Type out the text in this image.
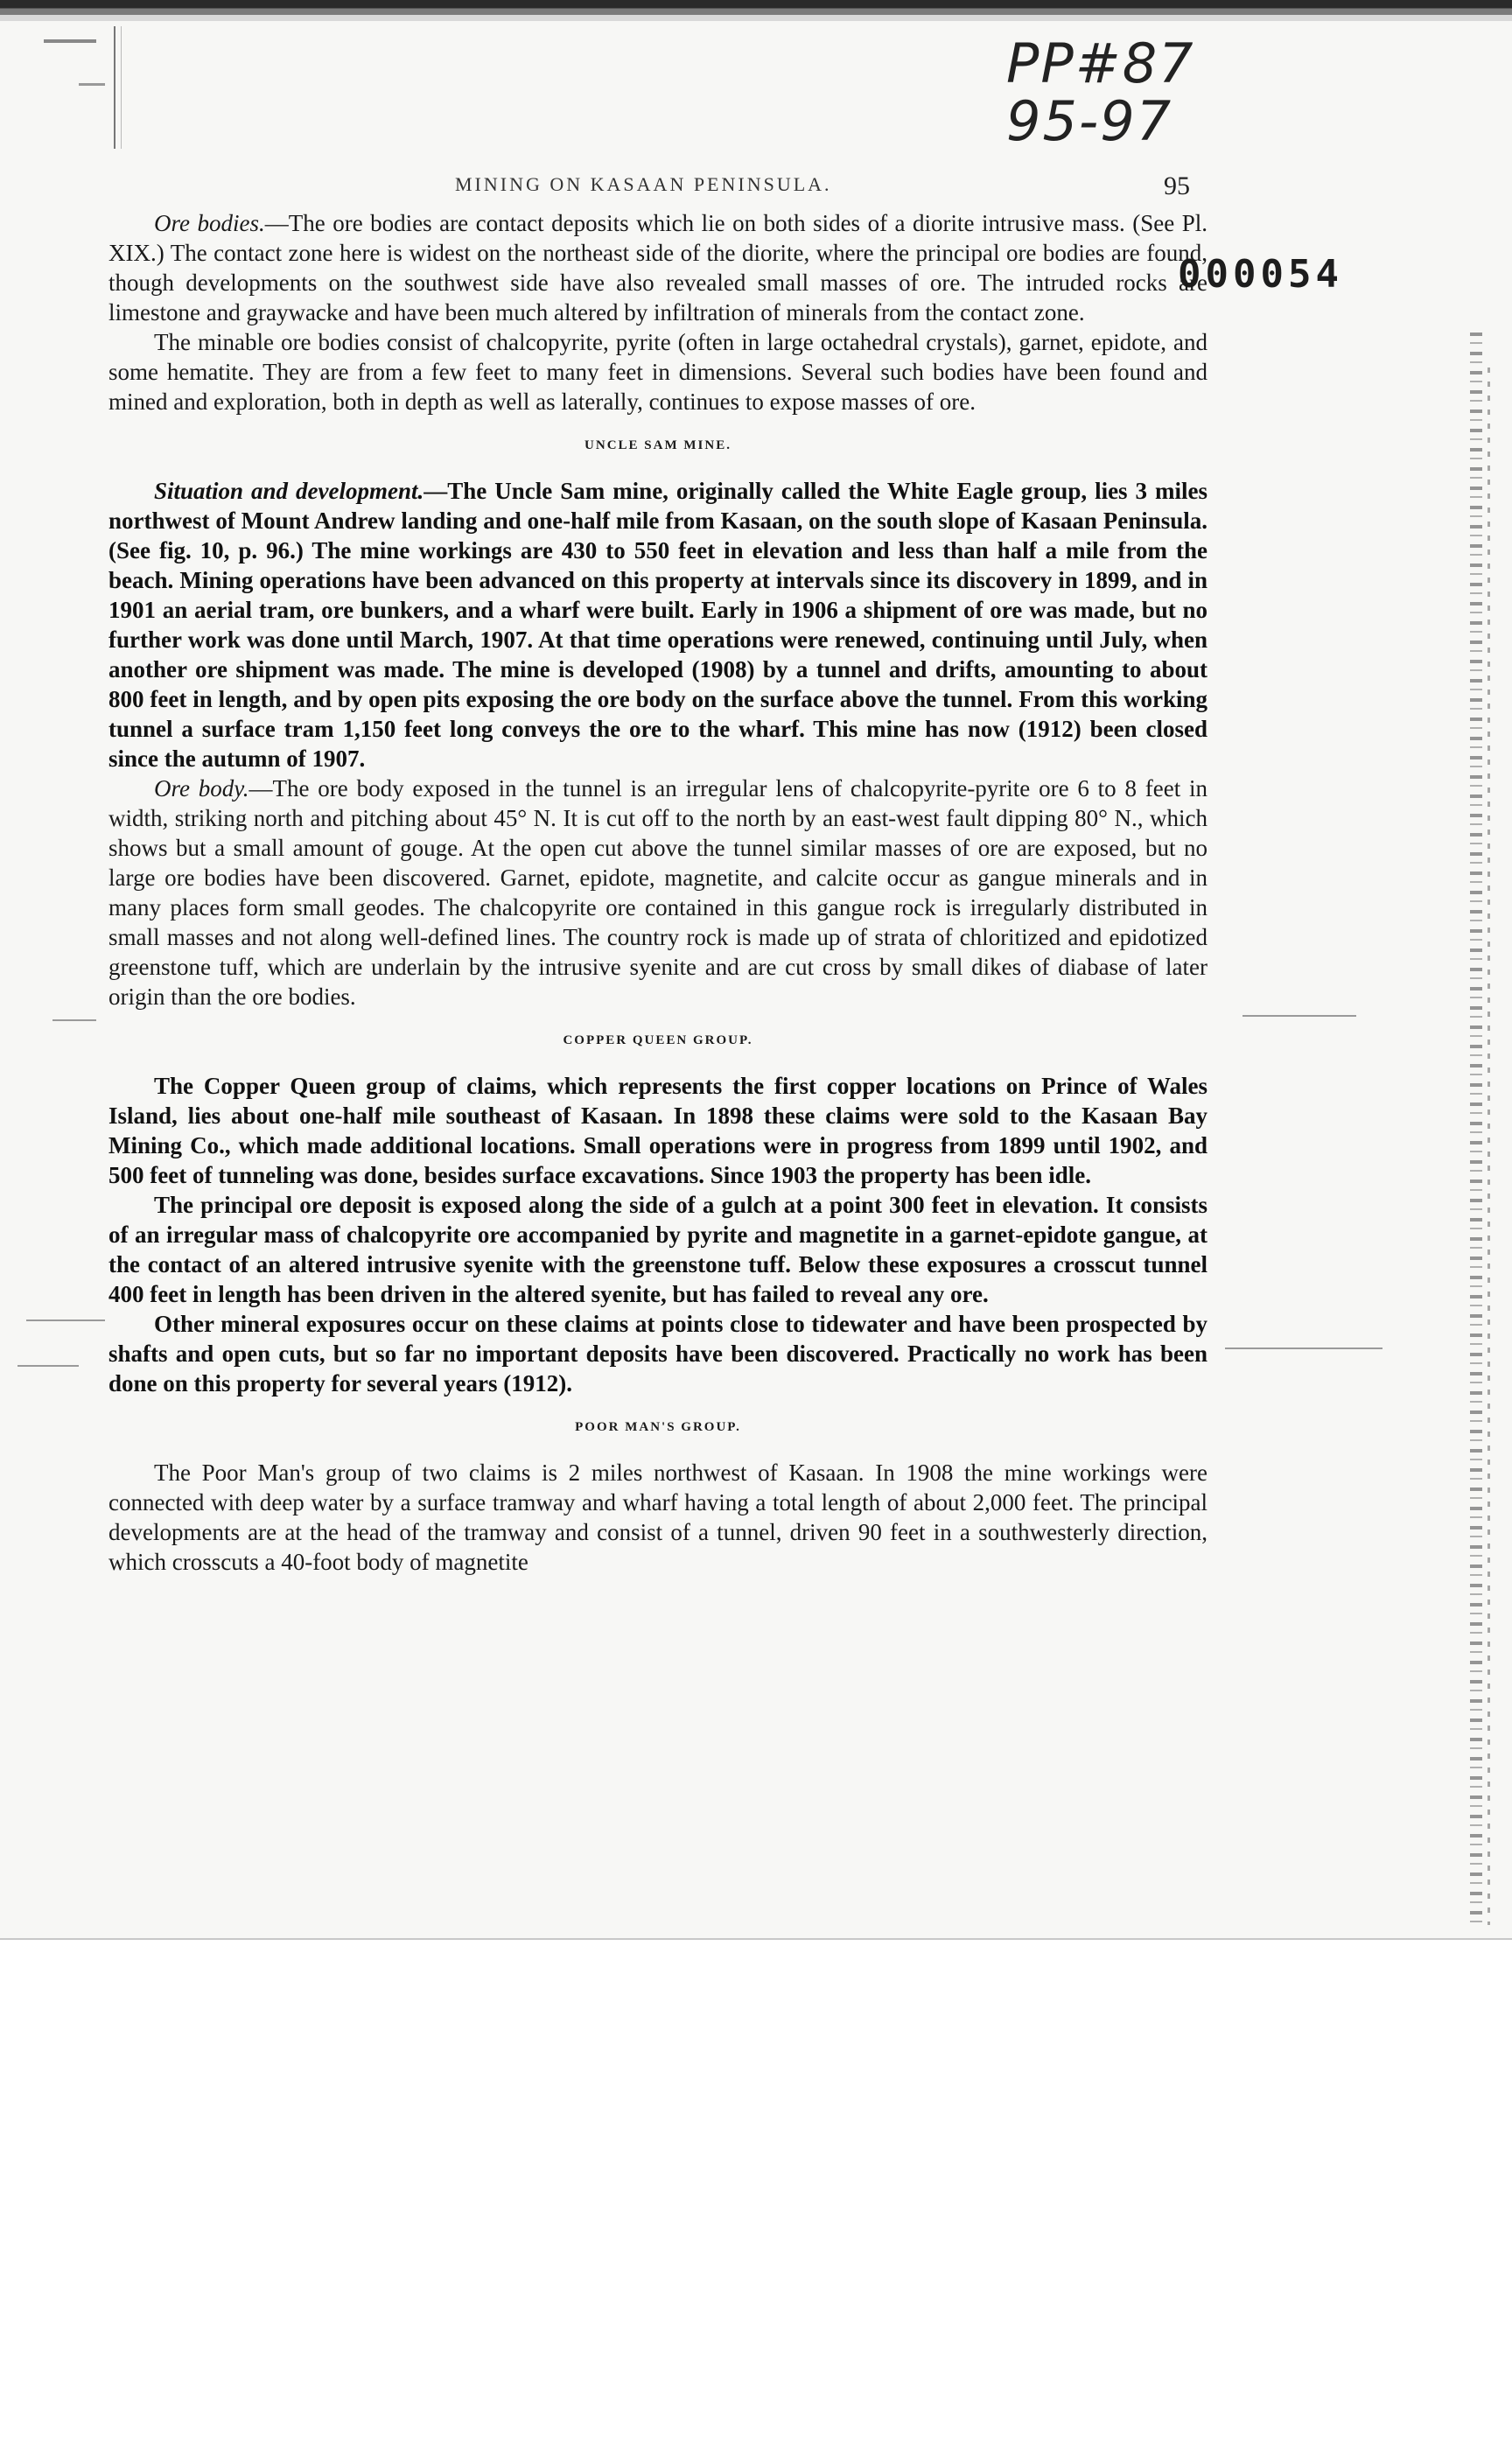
PP#87
95-97
000054
MINING ON KASAAN PENINSULA.	95

Ore bodies.—The ore bodies are contact deposits which lie on both sides of a diorite intrusive mass. (See Pl. XIX.) The contact zone here is widest on the northeast side of the diorite, where the principal ore bodies are found, though developments on the southwest side have also revealed small masses of ore. The intruded rocks are limestone and graywacke and have been much altered by infiltration of minerals from the contact zone.

The minable ore bodies consist of chalcopyrite, pyrite (often in large octahedral crystals), garnet, epidote, and some hematite. They are from a few feet to many feet in dimensions. Several such bodies have been found and mined and exploration, both in depth as well as laterally, continues to expose masses of ore.

UNCLE SAM MINE.

Situation and development.—The Uncle Sam mine, originally called the White Eagle group, lies 3 miles northwest of Mount Andrew landing and one-half mile from Kasaan, on the south slope of Kasaan Peninsula. (See fig. 10, p. 96.) The mine workings are 430 to 550 feet in elevation and less than half a mile from the beach. Mining operations have been advanced on this property at intervals since its discovery in 1899, and in 1901 an aerial tram, ore bunkers, and a wharf were built. Early in 1906 a shipment of ore was made, but no further work was done until March, 1907. At that time operations were renewed, continuing until July, when another ore shipment was made. The mine is developed (1908) by a tunnel and drifts, amounting to about 800 feet in length, and by open pits exposing the ore body on the surface above the tunnel. From this working tunnel a surface tram 1,150 feet long conveys the ore to the wharf. This mine has now (1912) been closed since the autumn of 1907.

Ore body.—The ore body exposed in the tunnel is an irregular lens of chalcopyrite-pyrite ore 6 to 8 feet in width, striking north and pitching about 45° N. It is cut off to the north by an east-west fault dipping 80° N., which shows but a small amount of gouge. At the open cut above the tunnel similar masses of ore are exposed, but no large ore bodies have been discovered. Garnet, epidote, magnetite, and calcite occur as gangue minerals and in many places form small geodes. The chalcopyrite ore contained in this gangue rock is irregularly distributed in small masses and not along well-defined lines. The country rock is made up of strata of chloritized and epidotized greenstone tuff, which are underlain by the intrusive syenite and are cut cross by small dikes of diabase of later origin than the ore bodies.

COPPER QUEEN GROUP.

The Copper Queen group of claims, which represents the first copper locations on Prince of Wales Island, lies about one-half mile southeast of Kasaan. In 1898 these claims were sold to the Kasaan Bay Mining Co., which made additional locations. Small operations were in progress from 1899 until 1902, and 500 feet of tunneling was done, besides surface excavations. Since 1903 the property has been idle.

The principal ore deposit is exposed along the side of a gulch at a point 300 feet in elevation. It consists of an irregular mass of chalcopyrite ore accompanied by pyrite and magnetite in a garnet-epidote gangue, at the contact of an altered intrusive syenite with the greenstone tuff. Below these exposures a crosscut tunnel 400 feet in length has been driven in the altered syenite, but has failed to reveal any ore.

Other mineral exposures occur on these claims at points close to tidewater and have been prospected by shafts and open cuts, but so far no important deposits have been discovered. Practically no work has been done on this property for several years (1912).

POOR MAN'S GROUP.

The Poor Man's group of two claims is 2 miles northwest of Kasaan. In 1908 the mine workings were connected with deep water by a surface tramway and wharf having a total length of about 2,000 feet. The principal developments are at the head of the tramway and consist of a tunnel, driven 90 feet in a southwesterly direction, which crosscuts a 40-foot body of magnetite
